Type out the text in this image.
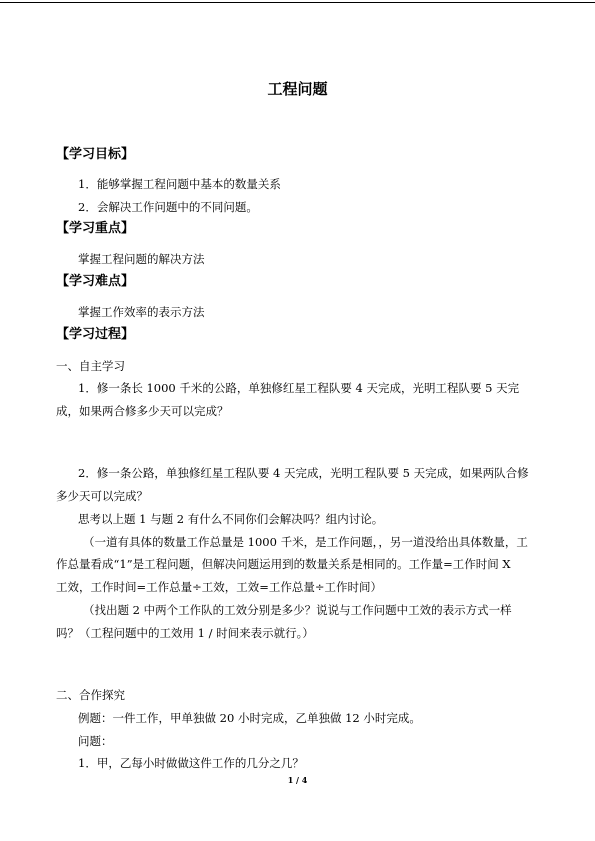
工程问题
【学习目标】
1．能够掌握工程问题中基本的数量关系
2．会解决工作问题中的不同问题。
【学习重点】
掌握工程问题的解决方法
【学习难点】
掌握工作效率的表示方法
【学习过程】
一、自主学习
1．修一条长 1000 千米的公路，单独修红星工程队要 4 天完成，光明工程队要 5 天完
成，如果两合修多少天可以完成？
2．修一条公路，单独修红星工程队要 4 天完成，光明工程队要 5 天完成，如果两队合修
多少天可以完成？
思考以上题 1 与题 2 有什么不同你们会解决吗？组内讨论。
（一道有具体的数量工作总量是 1000 千米，是工作问题，，另一道没给出具体数量，工
作总量看成“1”是工程问题，但解决问题运用到的数量关系是相同的。工作量=工作时间 X
工效，工作时间=工作总量÷工效，工效=工作总量÷工作时间）
（找出题 2 中两个工作队的工效分别是多少？说说与工作问题中工效的表示方式一样
吗？（工程问题中的工效用 1 / 时间来表示就行。）
二、合作探究
例题：一件工作，甲单独做 20 小时完成，乙单独做 12 小时完成。
问题：
1．甲，乙每小时做做这件工作的几分之几？
1 / 4
